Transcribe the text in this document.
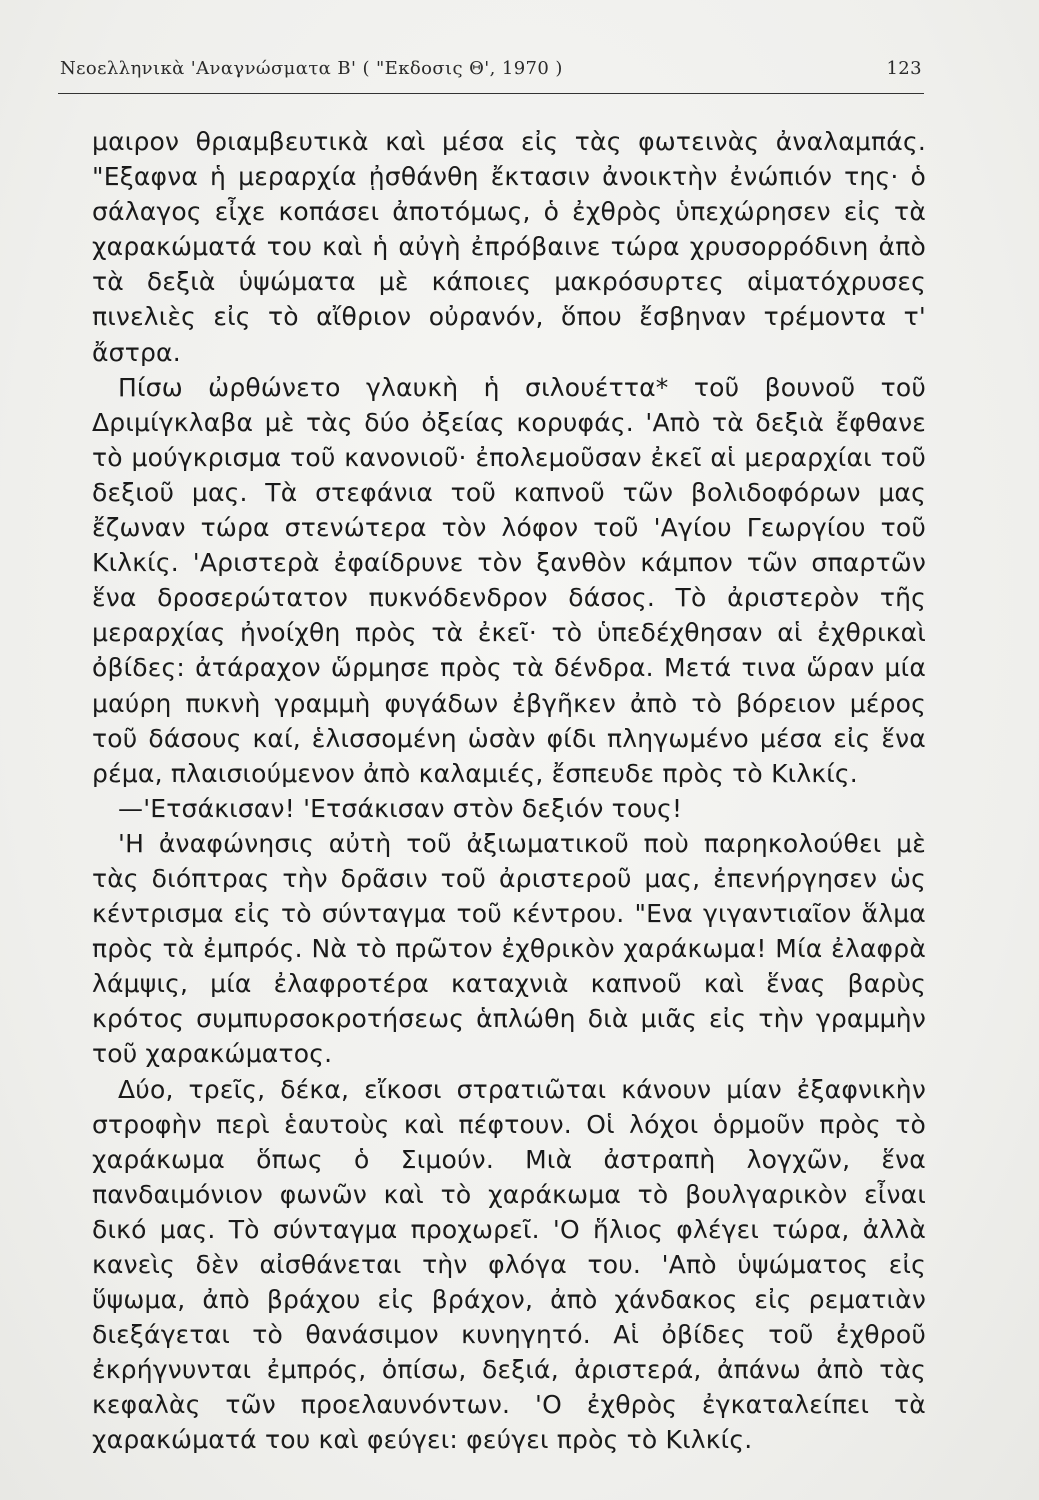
Νεοελληνικὰ 'Αναγνώσματα Β' ( "Εκδοσις Θ', 1970 )	123

μαιρον θριαμβευτικὰ καὶ μέσα εἰς τὰς φωτεινὰς ἀναλαμπάς. "Εξαφνα ἡ μεραρχία ᾐσθάνθη ἔκτασιν ἀνοικτὴν ἐνώπιόν της· ὁ σάλαγος εἶχε κοπάσει ἀποτόμως, ὁ ἐχθρὸς ὑπεχώρησεν εἰς τὰ χαρακώματά του καὶ ἡ αὐγὴ ἐπρόβαινε τώρα χρυσορρόδινη ἀπὸ τὰ δεξιὰ ὑψώματα μὲ κάποιες μακρόσυρτες αἱματόχρυσες πινελιὲς εἰς τὸ αἴθριον οὐρανόν, ὅπου ἔσβηναν τρέμοντα τ' ἄστρα.

Πίσω ὠρθώνετο γλαυκὴ ἡ σιλουέττα* τοῦ βουνοῦ τοῦ Δριμίγκλαβα μὲ τὰς δύο ὀξείας κορυφάς. 'Απὸ τὰ δεξιὰ ἔφθανε τὸ μούγκρισμα τοῦ κανονιοῦ· ἐπολεμοῦσαν ἐκεῖ αἱ μεραρχίαι τοῦ δεξιοῦ μας. Τὰ στεφάνια τοῦ καπνοῦ τῶν βολιδοφόρων μας ἔζωναν τώρα στενώτερα τὸν λόφον τοῦ 'Αγίου Γεωργίου τοῦ Κιλκίς. 'Αριστερὰ ἐφαίδρυνε τὸν ξανθὸν κάμπον τῶν σπαρτῶν ἕνα δροσερώτατον πυκνόδενδρον δάσος. Τὸ ἀριστερὸν τῆς μεραρχίας ἠνοίχθη πρὸς τὰ ἐκεῖ· τὸ ὑπεδέχθησαν αἱ ἐχθρικαὶ ὀβίδες: ἀτάραχον ὥρμησε πρὸς τὰ δένδρα. Μετά τινα ὥραν μία μαύρη πυκνὴ γραμμὴ φυγάδων ἐβγῆκεν ἀπὸ τὸ βόρειον μέρος τοῦ δάσους καί, ἑλισσομένη ὡσὰν φίδι πληγωμένο μέσα εἰς ἕνα ρέμα, πλαισιούμενον ἀπὸ καλαμιές, ἔσπευδε πρὸς τὸ Κιλκίς.

—'Ετσάκισαν! 'Ετσάκισαν στὸν δεξιόν τους!

'Η ἀναφώνησις αὐτὴ τοῦ ἀξιωματικοῦ ποὺ παρηκολούθει μὲ τὰς διόπτρας τὴν δρᾶσιν τοῦ ἀριστεροῦ μας, ἐπενήργησεν ὡς κέντρισμα εἰς τὸ σύνταγμα τοῦ κέντρου. "Ενα γιγαντιαῖον ἅλμα πρὸς τὰ ἐμπρός. Νὰ τὸ πρῶτον ἐχθρικὸν χαράκωμα! Μία ἐλαφρὰ λάμψις, μία ἐλαφροτέρα καταχνιὰ καπνοῦ καὶ ἕνας βαρὺς κρότος συμπυρσοκροτήσεως ἁπλώθη διὰ μιᾶς εἰς τὴν γραμμὴν τοῦ χαρακώματος.

Δύο, τρεῖς, δέκα, εἴκοσι στρατιῶται κάνουν μίαν ἐξαφνικὴν στροφὴν περὶ ἑαυτοὺς καὶ πέφτουν. Οἱ λόχοι ὁρμοῦν πρὸς τὸ χαράκωμα ὅπως ὁ Σιμούν. Μιὰ ἀστραπὴ λογχῶν, ἕνα πανδαιμόνιον φωνῶν καὶ τὸ χαράκωμα τὸ βουλγαρικὸν εἶναι δικό μας. Τὸ σύνταγμα προχωρεῖ. 'Ο ἥλιος φλέγει τώρα, ἀλλὰ κανεὶς δὲν αἰσθάνεται τὴν φλόγα του. 'Απὸ ὑψώματος εἰς ὕψωμα, ἀπὸ βράχου εἰς βράχον, ἀπὸ χάνδακος εἰς ρεματιὰν διεξάγεται τὸ θανάσιμον κυνηγητό. Αἱ ὀβίδες τοῦ ἐχθροῦ ἐκρήγνυνται ἐμπρός, ὀπίσω, δεξιά, ἀριστερά, ἀπάνω ἀπὸ τὰς κεφαλὰς τῶν προελαυνόντων. 'Ο ἐχθρὸς ἐγκαταλείπει τὰ χαρακώματά του καὶ φεύγει: φεύγει πρὸς τὸ Κιλκίς.
